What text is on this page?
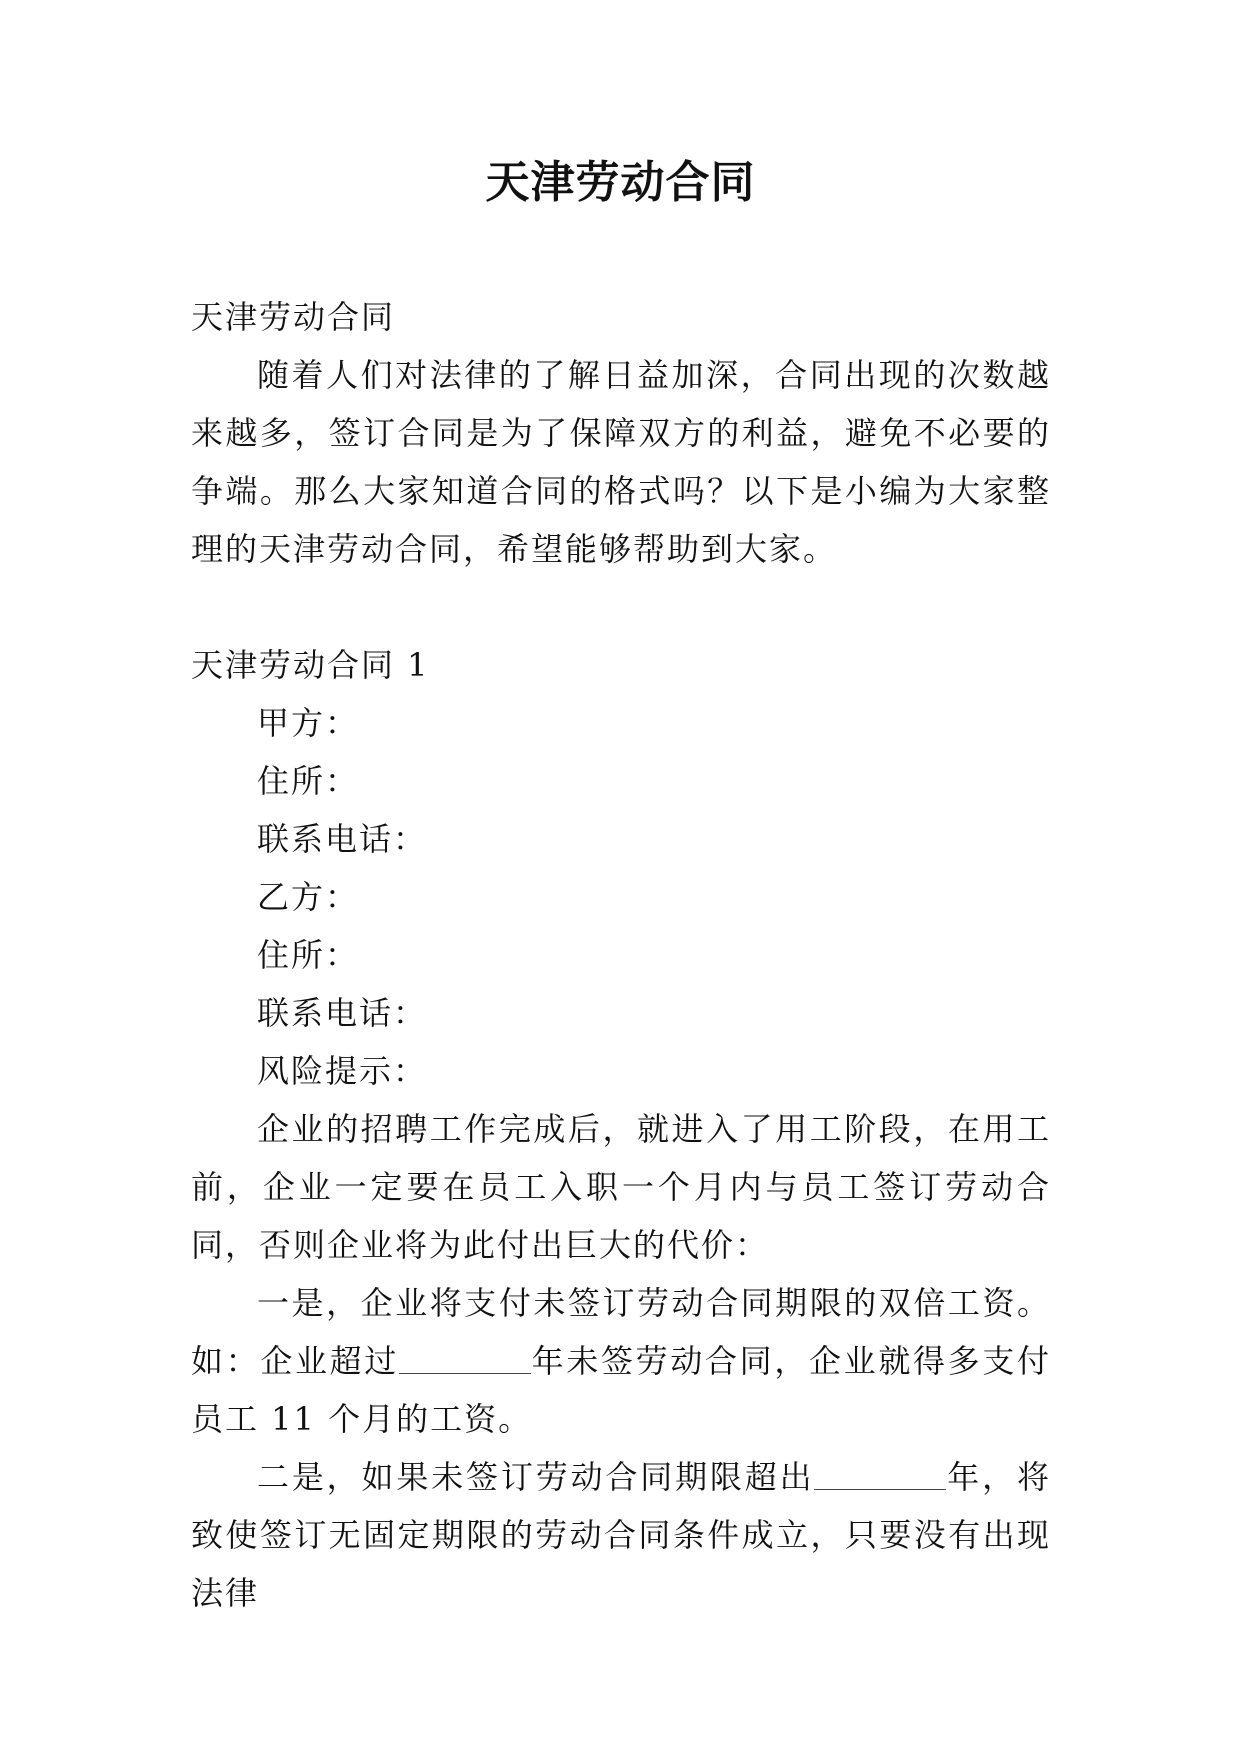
天津劳动合同

天津劳动合同

随着人们对法律的了解日益加深，合同出现的次数越来越多，签订合同是为了保障双方的利益，避免不必要的争端。那么大家知道合同的格式吗？以下是小编为大家整理的天津劳动合同，希望能够帮助到大家。

天津劳动合同 1

甲方：

住所：

联系电话：

乙方：

住所：

联系电话：

风险提示：

企业的招聘工作完成后，就进入了用工阶段，在用工前，企业一定要在员工入职一个月内与员工签订劳动合同，否则企业将为此付出巨大的代价：

一是，企业将支付未签订劳动合同期限的双倍工资。如：企业超过	年未签劳动合同，企业就得多支付员工 11 个月的工资。

二是，如果未签订劳动合同期限超出	年，将致使签订无固定期限的劳动合同条件成立，只要没有出现法律
